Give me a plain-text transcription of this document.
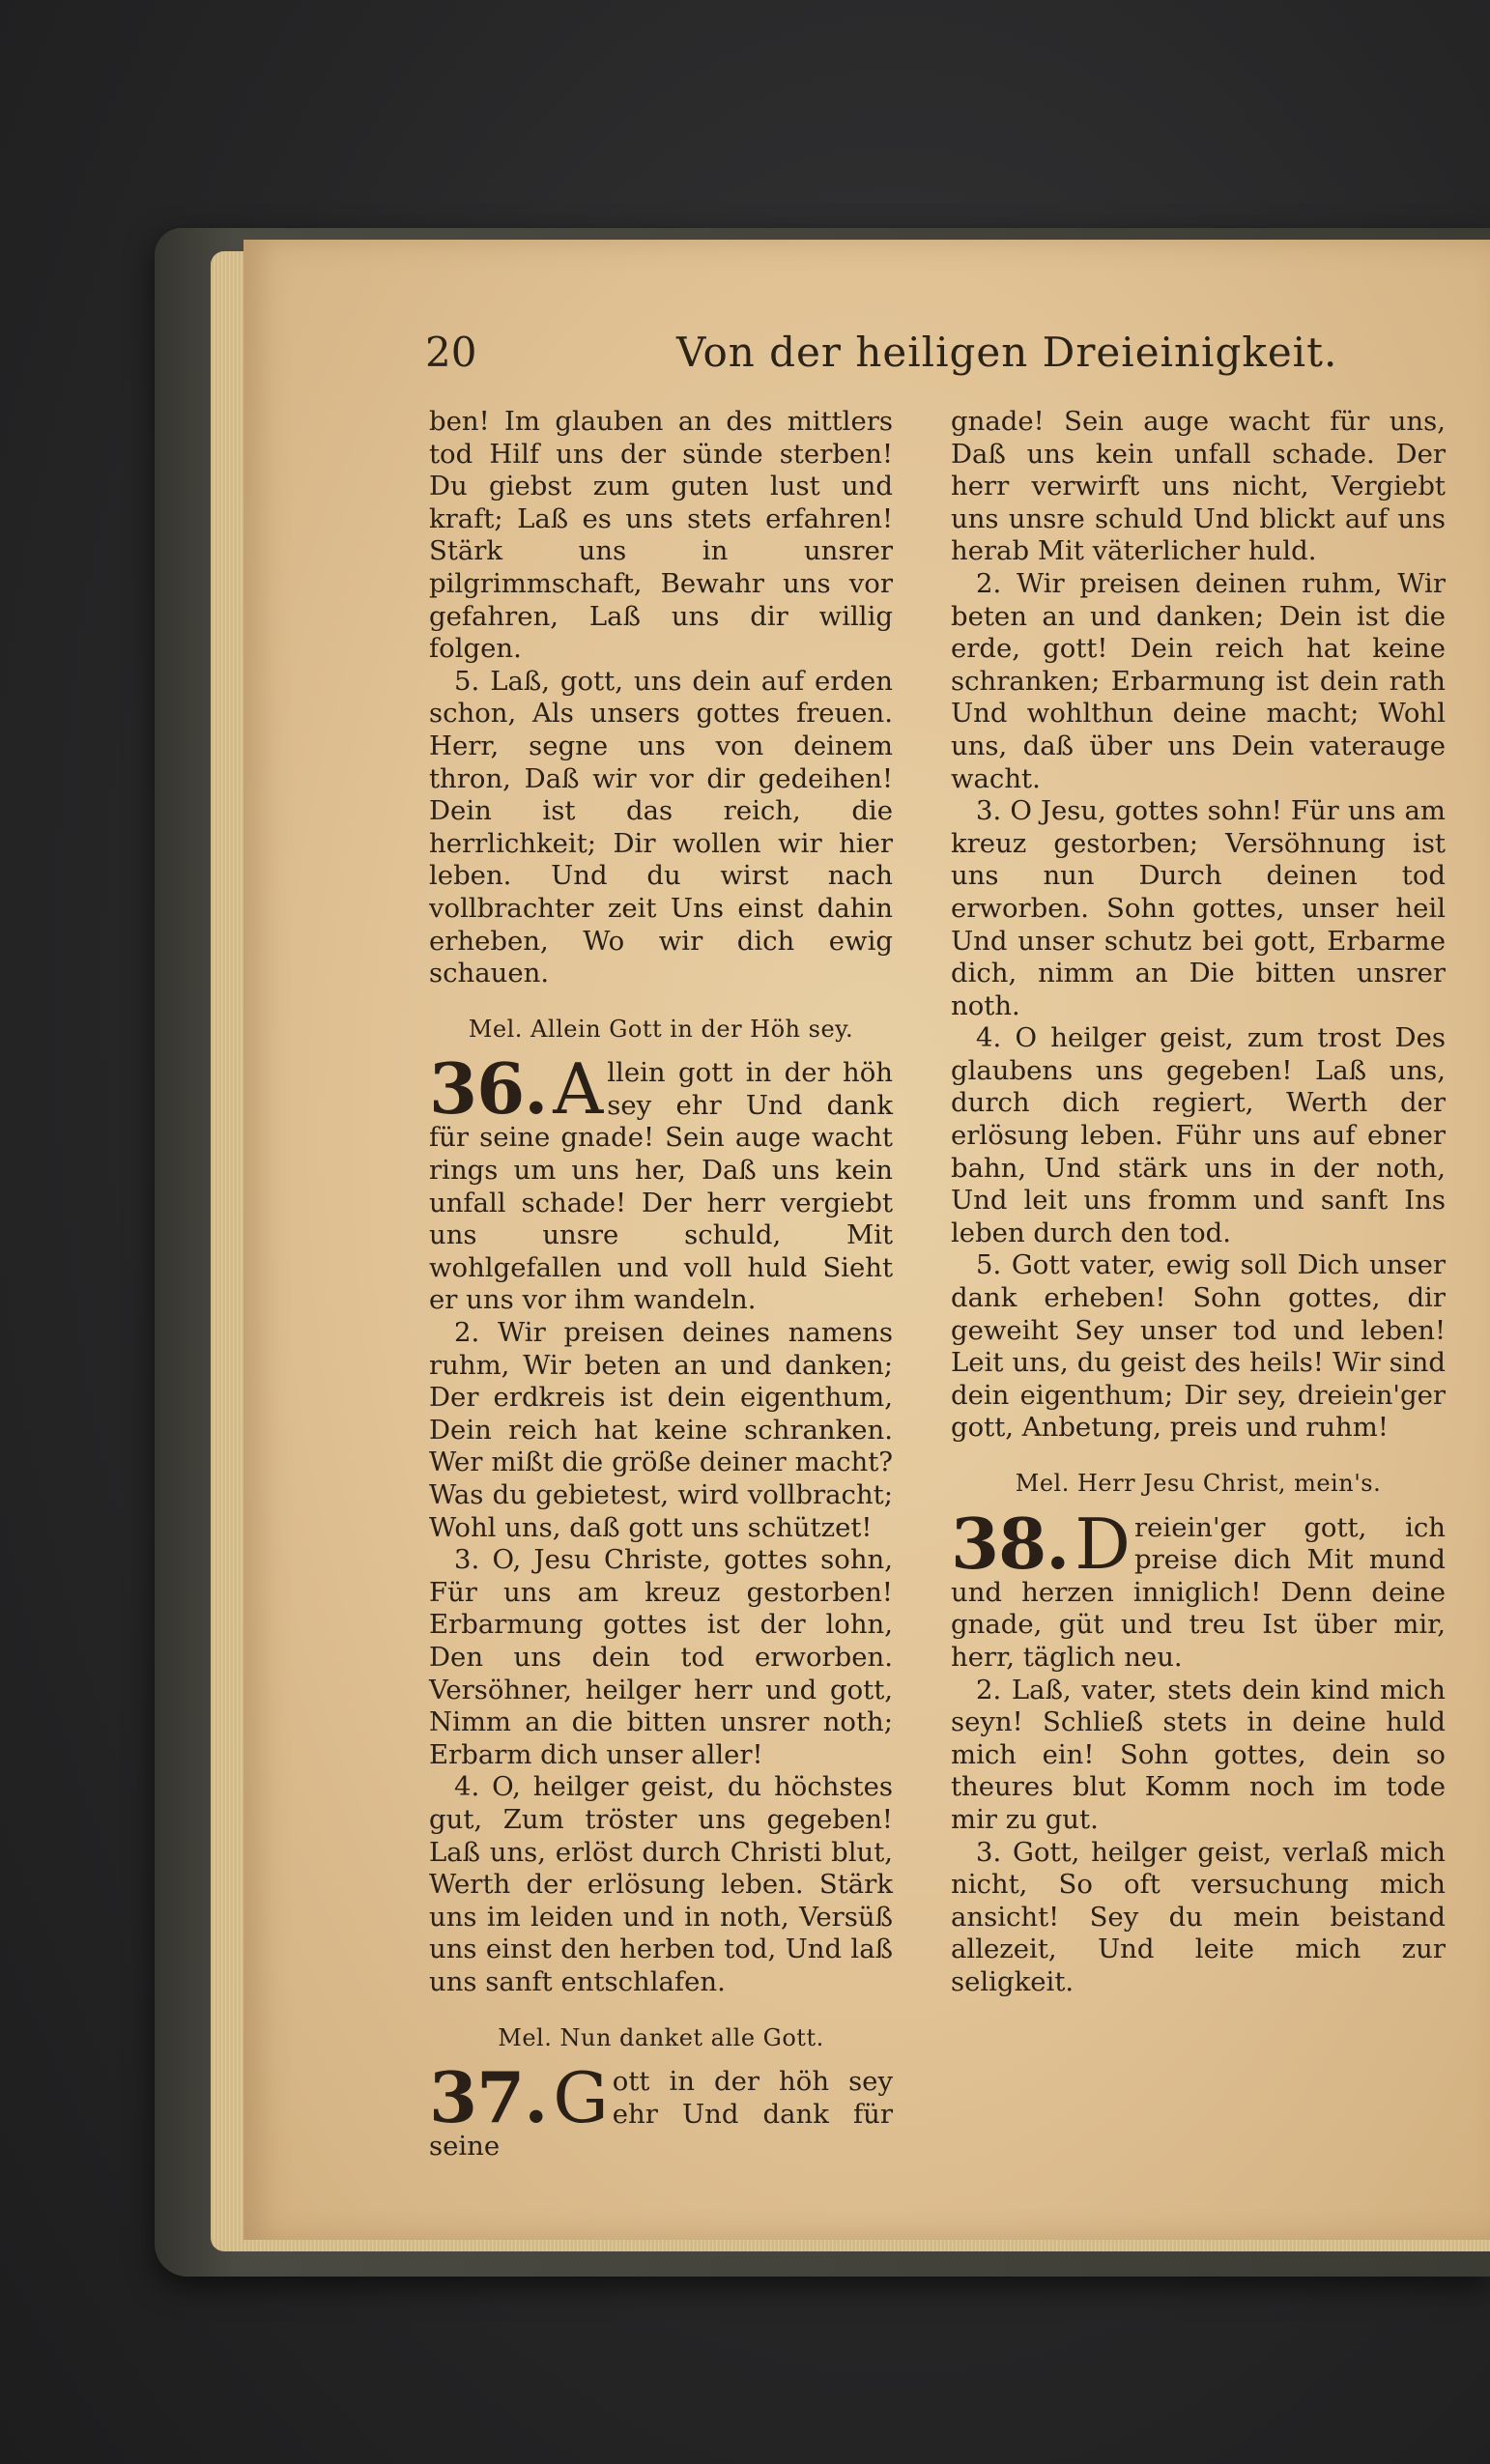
20	Von der heiligen Dreieinigkeit.

ben! Im glauben an des mittlers tod Hilf uns der sünde sterben! Du giebst zum guten lust und kraft; Laß es uns stets erfahren! Stärk uns in unsrer pilgrimmschaft, Bewahr uns vor gefahren, Laß uns dir willig folgen.

5. Laß, gott, uns dein auf erden schon, Als unsers gottes freuen. Herr, segne uns von deinem thron, Daß wir vor dir gedeihen! Dein ist das reich, die herrlichkeit; Dir wollen wir hier leben. Und du wirst nach vollbrachter zeit Uns einst dahin erheben, Wo wir dich ewig schauen.

Mel. Allein Gott in der Höh sey.
36. A llein gott in der höh sey ehr Und dank für seine gnade! Sein auge wacht rings um uns her, Daß uns kein unfall schade! Der herr vergiebt uns unsre schuld, Mit wohlgefallen und voll huld Sieht er uns vor ihm wandeln.

2. Wir preisen deines namens ruhm, Wir beten an und danken; Der erdkreis ist dein eigenthum, Dein reich hat keine schranken. Wer mißt die größe deiner macht? Was du gebietest, wird vollbracht; Wohl uns, daß gott uns schützet!

3. O, Jesu Christe, gottes sohn, Für uns am kreuz gestorben! Erbarmung gottes ist der lohn, Den uns dein tod erworben. Versöhner, heilger herr und gott, Nimm an die bitten unsrer noth; Erbarm dich unser aller!

4. O, heilger geist, du höchstes gut, Zum tröster uns gegeben! Laß uns, erlöst durch Christi blut, Werth der erlösung leben. Stärk uns im leiden und in noth, Versüß uns einst den herben tod, Und laß uns sanft entschlafen.

Mel. Nun danket alle Gott.
37. G ott in der höh sey ehr Und dank für seine

gnade! Sein auge wacht für uns, Daß uns kein unfall schade. Der herr verwirft uns nicht, Vergiebt uns unsre schuld Und blickt auf uns herab Mit väterlicher huld.

2. Wir preisen deinen ruhm, Wir beten an und danken; Dein ist die erde, gott! Dein reich hat keine schranken; Erbarmung ist dein rath Und wohlthun deine macht; Wohl uns, daß über uns Dein vaterauge wacht.

3. O Jesu, gottes sohn! Für uns am kreuz gestorben; Versöhnung ist uns nun Durch deinen tod erworben. Sohn gottes, unser heil Und unser schutz bei gott, Erbarme dich, nimm an Die bitten unsrer noth.

4. O heilger geist, zum trost Des glaubens uns gegeben! Laß uns, durch dich regiert, Werth der erlösung leben. Führ uns auf ebner bahn, Und stärk uns in der noth, Und leit uns fromm und sanft Ins leben durch den tod.

5. Gott vater, ewig soll Dich unser dank erheben! Sohn gottes, dir geweiht Sey unser tod und leben! Leit uns, du geist des heils! Wir sind dein eigenthum; Dir sey, dreiein'ger gott, Anbetung, preis und ruhm!

Mel. Herr Jesu Christ, mein's.
38. D reiein'ger gott, ich preise dich Mit mund und herzen inniglich! Denn deine gnade, güt und treu Ist über mir, herr, täglich neu.

2. Laß, vater, stets dein kind mich seyn! Schließ stets in deine huld mich ein! Sohn gottes, dein so theures blut Komm noch im tode mir zu gut.

3. Gott, heilger geist, verlaß mich nicht, So oft versuchung mich ansicht! Sey du mein beistand allezeit, Und leite mich zur seligkeit.
